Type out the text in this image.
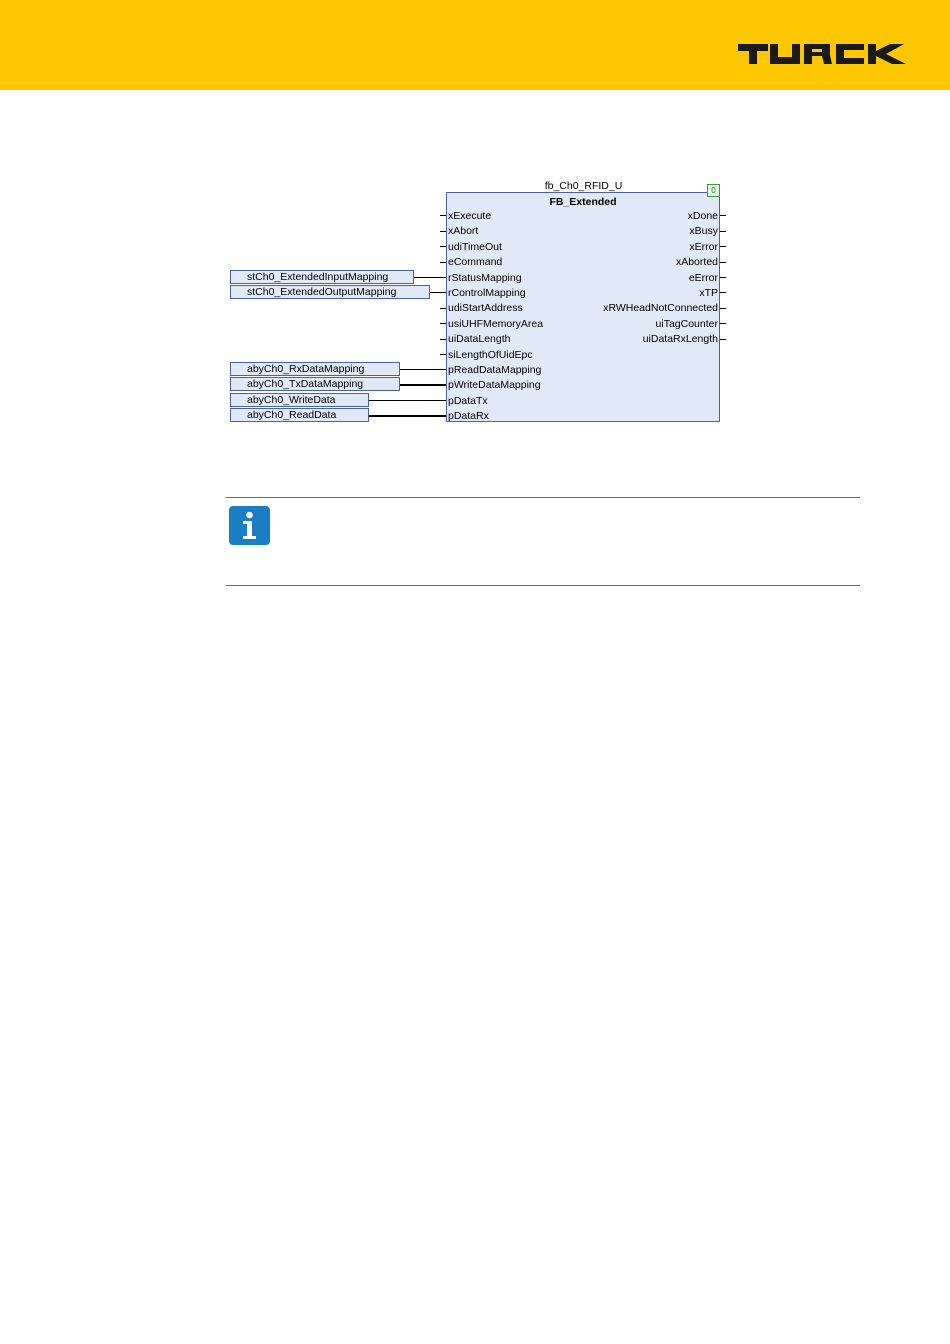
fb_Ch0_RFID_U	0
FB_Extended
xExecute
xAbort
udiTimeOut
eCommand
rStatusMapping
rControlMapping
udiStartAddress
usiUHFMemoryArea
uiDataLength
siLengthOfUidEpc
pReadDataMapping
pWriteDataMapping
pDataTx
pDataRx
xDone
xBusy
xError
xAborted
eError
xTP
xRWHeadNotConnected
uiTagCounter
uiDataRxLength
stCh0_ExtendedInputMapping
stCh0_ExtendedOutputMapping
abyCh0_RxDataMapping
abyCh0_TxDataMapping
abyCh0_WriteData
abyCh0_ReadData
